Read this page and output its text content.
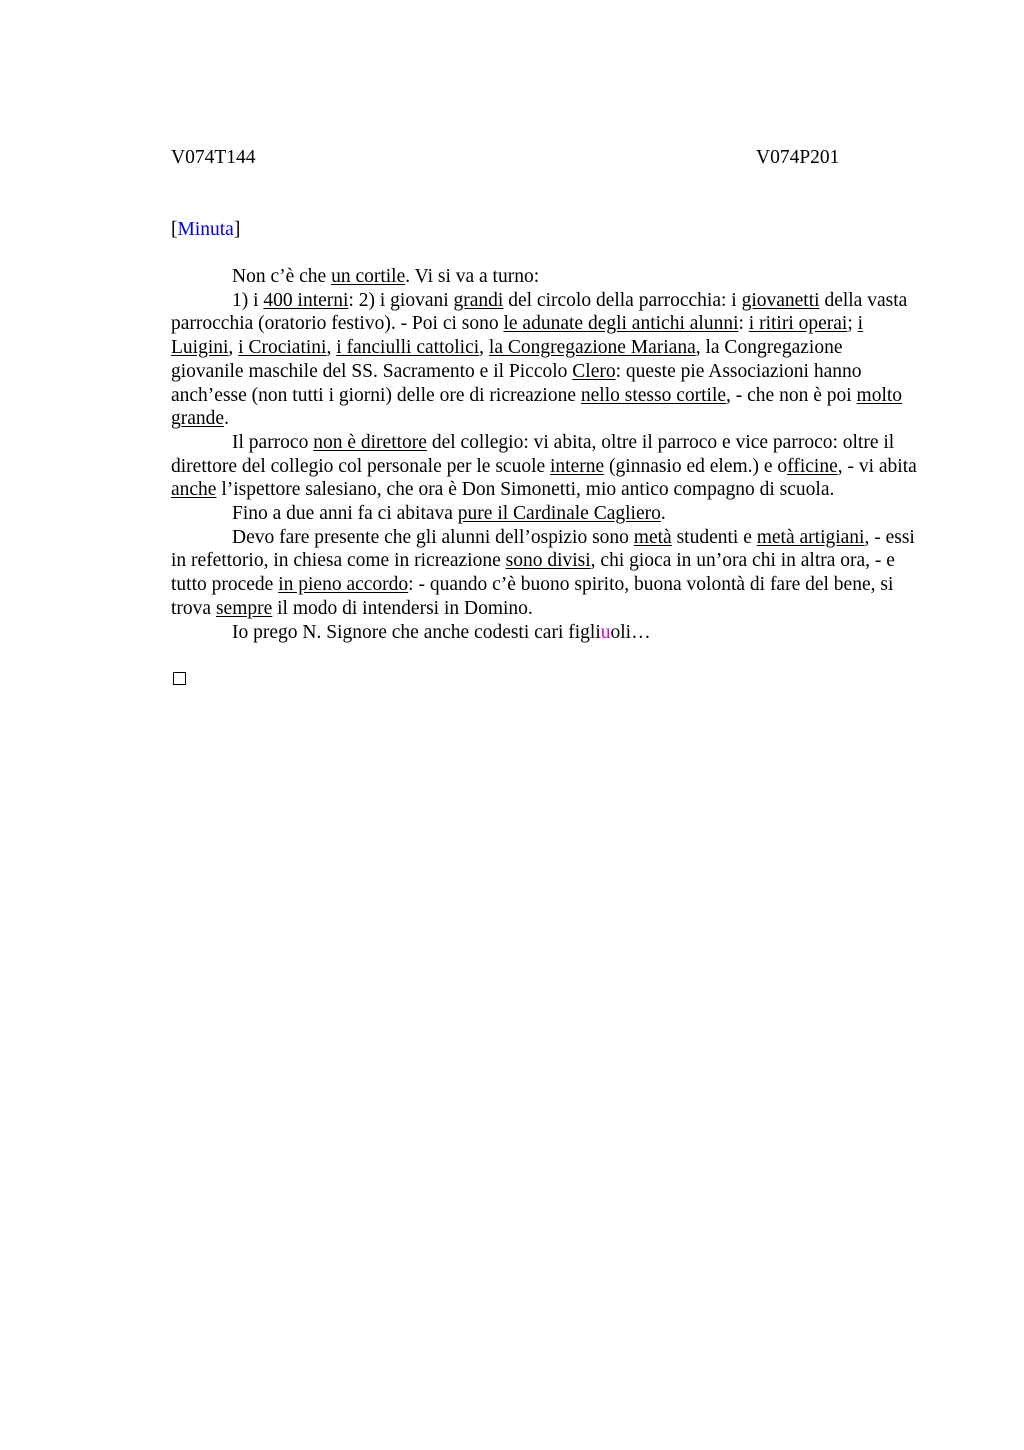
V074T144	V074P201
[Minuta]

Non c’è che un cortile. Vi si va a turno:

1) i 400 interni: 2) i giovani grandi del circolo della parrocchia: i giovanetti della vasta parrocchia (oratorio festivo). - Poi ci sono le adunate degli antichi alunni: i ritiri operai; i Luigini, i Crociatini, i fanciulli cattolici, la Congregazione Mariana, la Congregazione giovanile maschile del SS. Sacramento e il Piccolo Clero: queste pie Associazioni hanno anch’esse (non tutti i giorni) delle ore di ricreazione nello stesso cortile, - che non è poi molto grande.

Il parroco non è direttore del collegio: vi abita, oltre il parroco e vice parroco: oltre il direttore del collegio col personale per le scuole interne (ginnasio ed elem.) e officine, - vi abita anche l’ispettore salesiano, che ora è Don Simonetti, mio antico compagno di scuola.

Fino a due anni fa ci abitava pure il Cardinale Cagliero.

Devo fare presente che gli alunni dell’ospizio sono metà studenti e metà artigiani, - essi in refettorio, in chiesa come in ricreazione sono divisi, chi gioca in un’ora chi in altra ora, - e tutto procede in pieno accordo: - quando c’è buono spirito, buona volontà di fare del bene, si trova sempre il modo di intendersi in Domino.

Io prego N. Signore che anche codesti cari figliuoli…
